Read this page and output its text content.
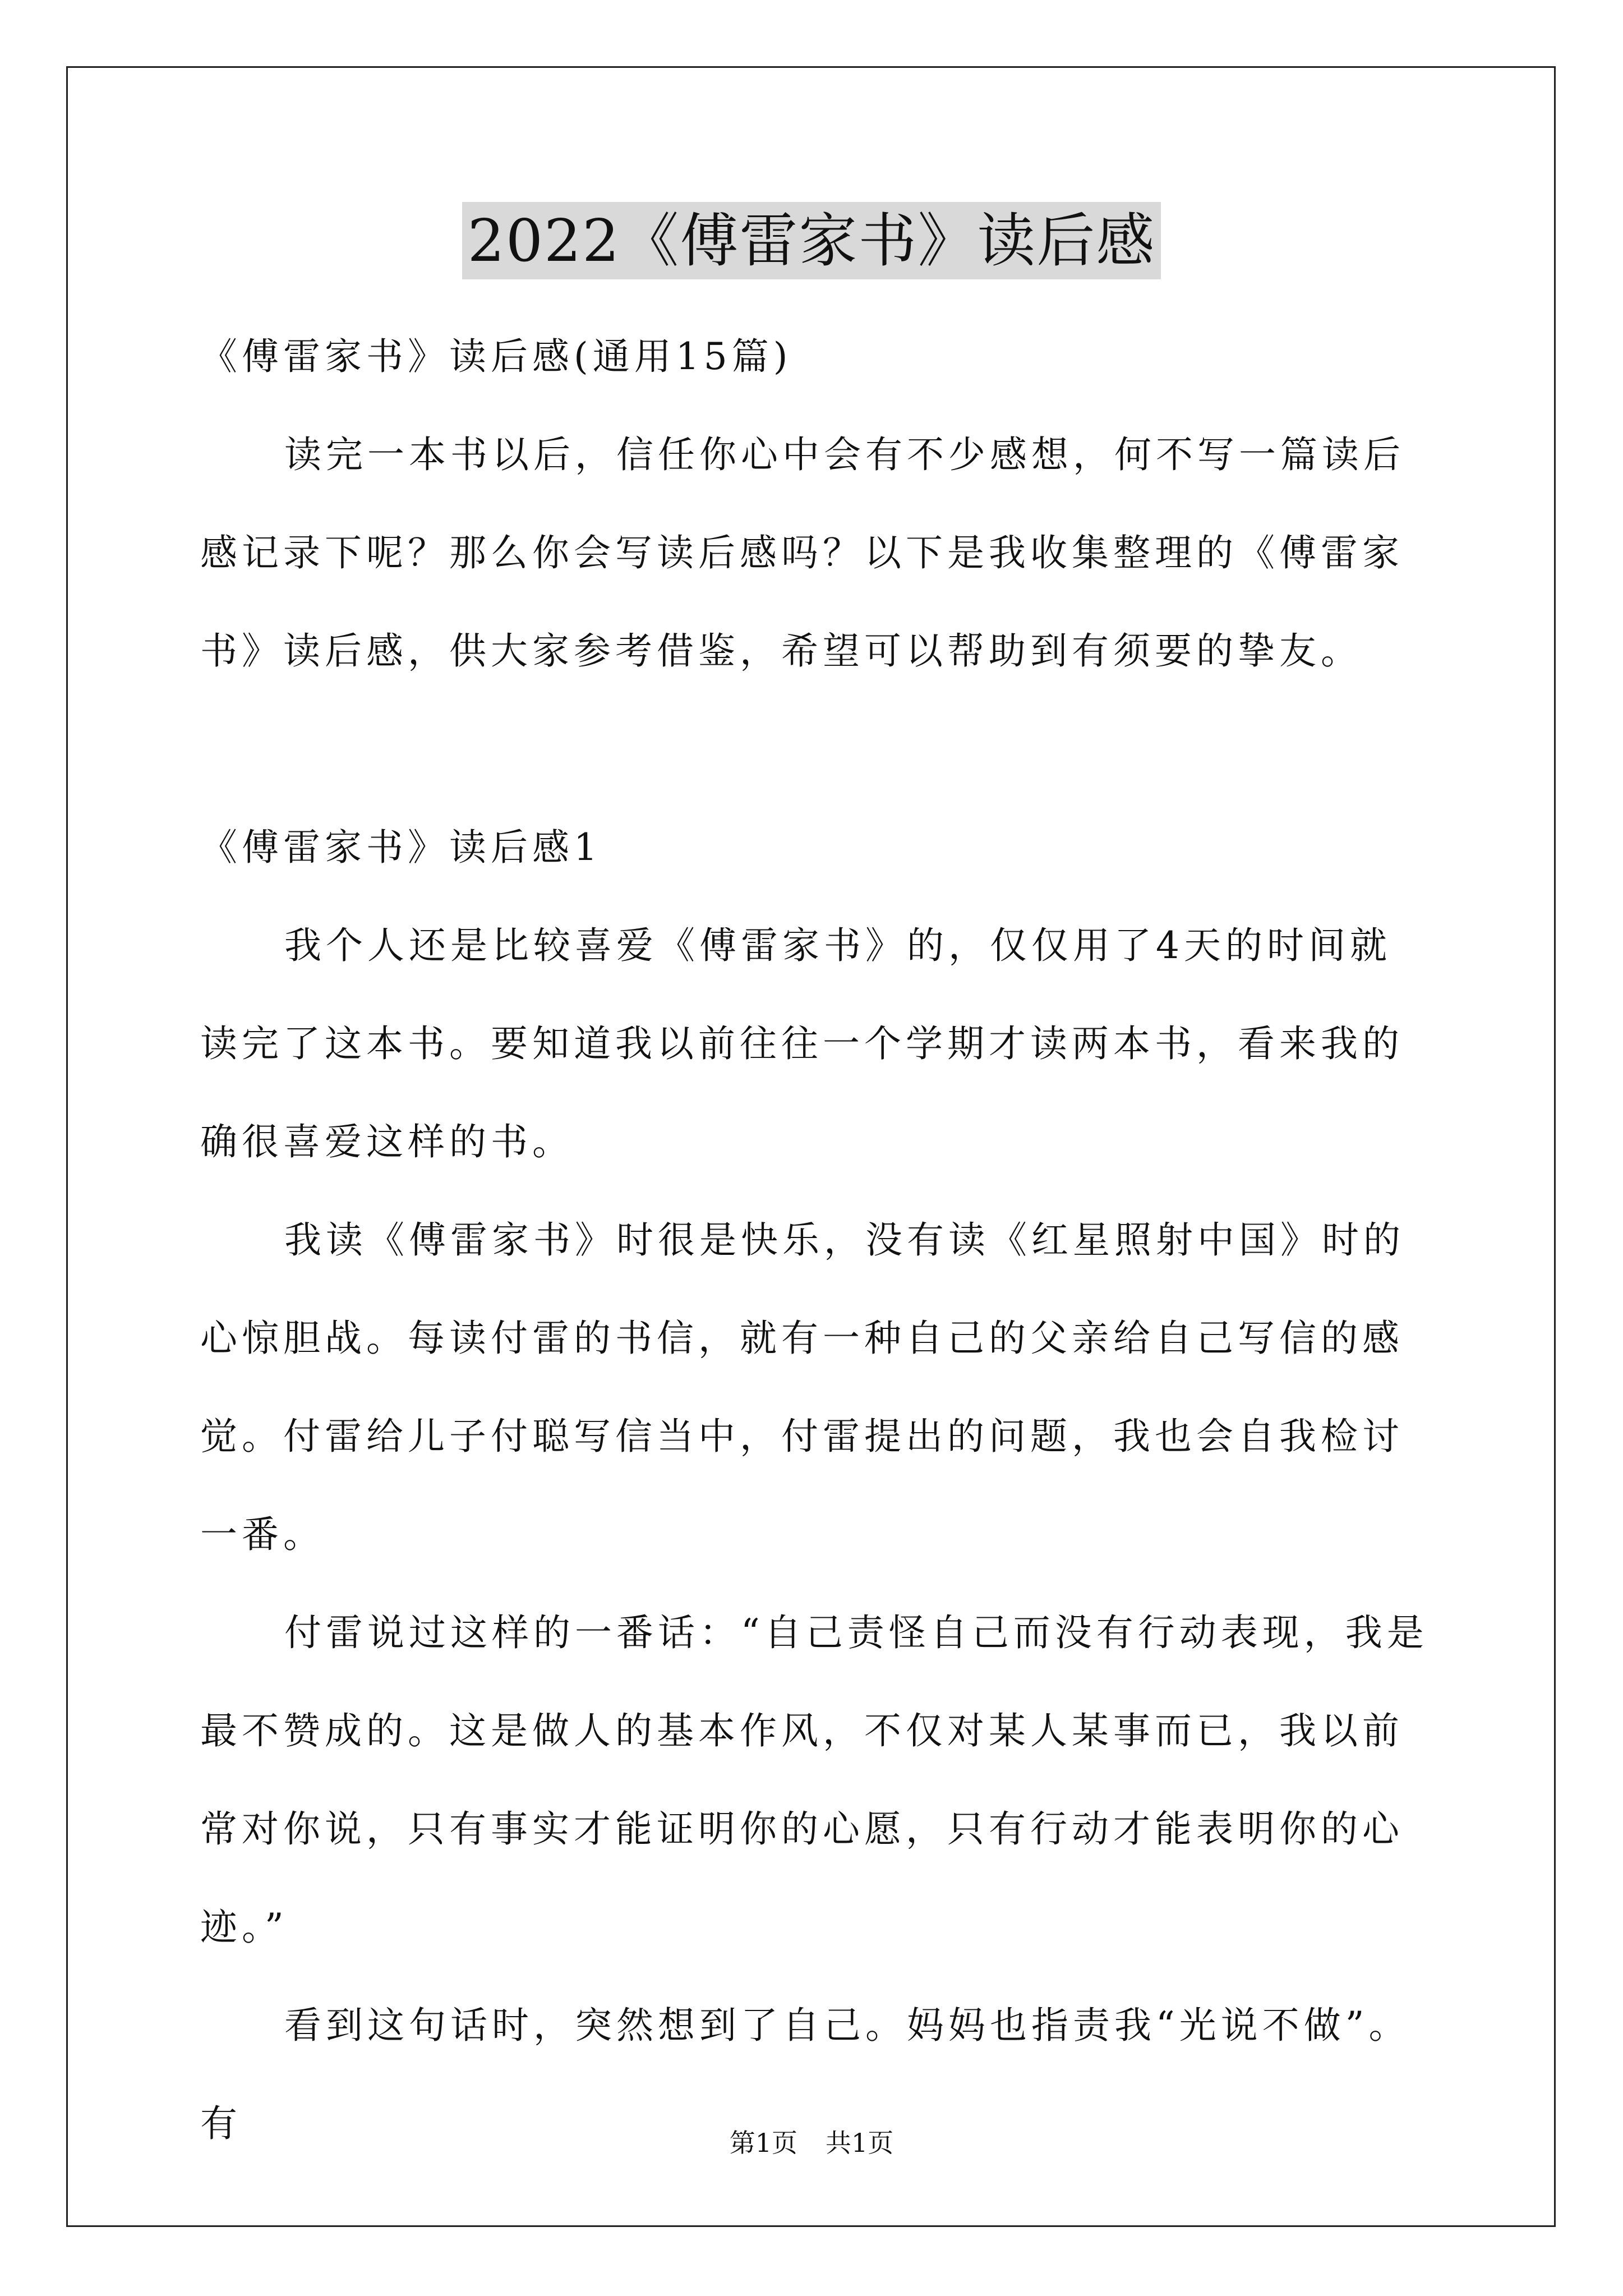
2022《傅雷家书》读后感

《傅雷家书》读后感(通用15篇)

读完一本书以后，信任你心中会有不少感想，何不写一篇读后感记录下呢？那么你会写读后感吗？以下是我收集整理的《傅雷家书》读后感，供大家参考借鉴，希望可以帮助到有须要的挚友。

《傅雷家书》读后感1

我个人还是比较喜爱《傅雷家书》的，仅仅用了4天的时间就读完了这本书。要知道我以前往往一个学期才读两本书，看来我的确很喜爱这样的书。

我读《傅雷家书》时很是快乐，没有读《红星照射中国》时的心惊胆战。每读付雷的书信，就有一种自己的父亲给自己写信的感觉。付雷给儿子付聪写信当中，付雷提出的问题，我也会自我检讨一番。

付雷说过这样的一番话：“自己责怪自己而没有行动表现，我是最不赞成的。这是做人的基本作风，不仅对某人某事而已，我以前常对你说，只有事实才能证明你的心愿，只有行动才能表明你的心迹。”

看到这句话时，突然想到了自己。妈妈也指责我“光说不做”。有	第1页 共1页
